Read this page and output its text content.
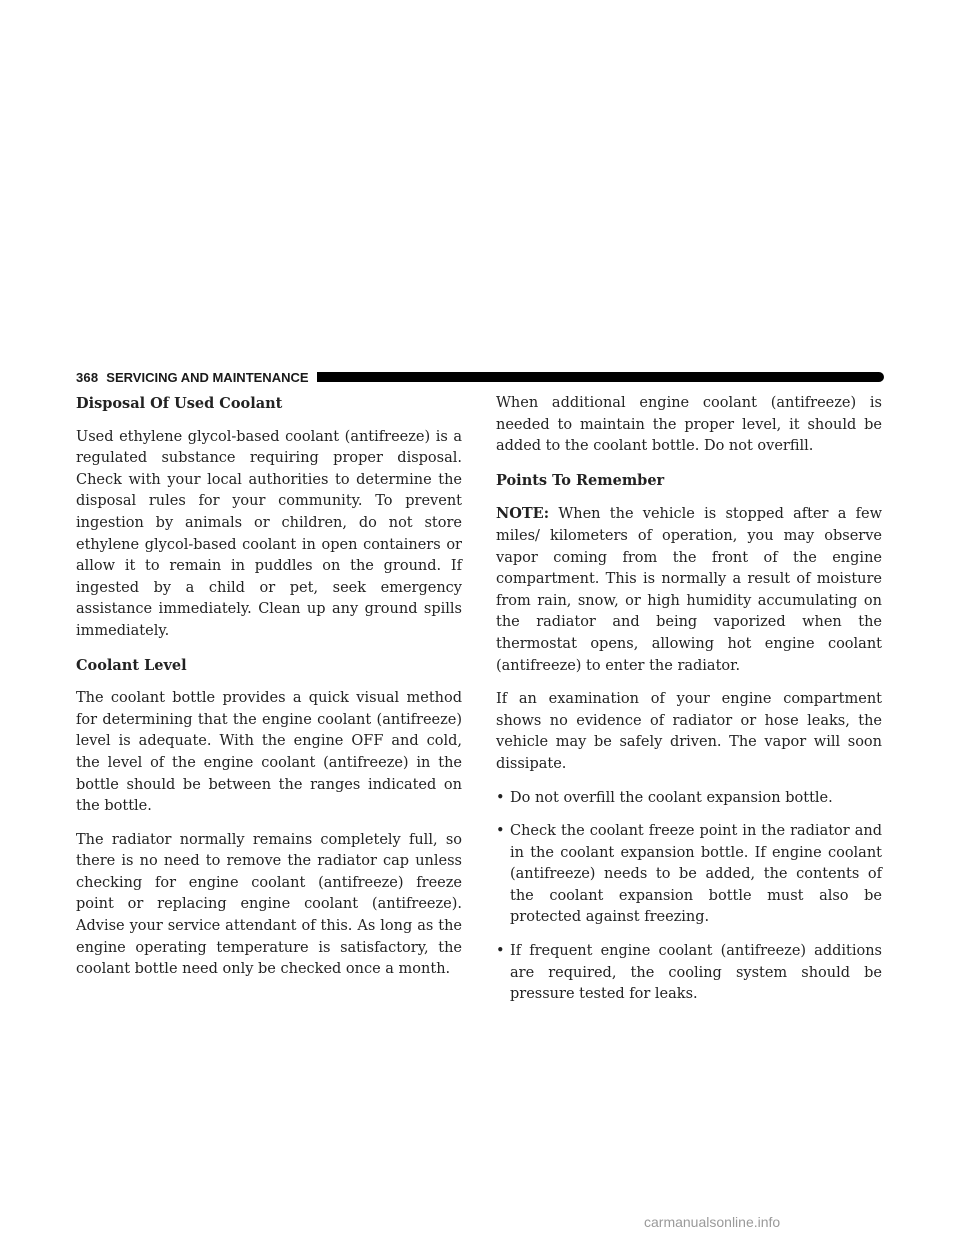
368 SERVICING AND MAINTENANCE
Disposal Of Used Coolant

Used ethylene glycol-based coolant (antifreeze) is a regulated substance requiring proper disposal. Check with your local authorities to determine the disposal rules for your community. To prevent ingestion by animals or children, do not store ethylene glycol-based coolant in open containers or allow it to remain in puddles on the ground. If ingested by a child or pet, seek emergency assistance immediately. Clean up any ground spills immediately.

Coolant Level

The coolant bottle provides a quick visual method for determining that the engine coolant (antifreeze) level is adequate. With the engine OFF and cold, the level of the engine coolant (antifreeze) in the bottle should be between the ranges indicated on the bottle.

The radiator normally remains completely full, so there is no need to remove the radiator cap unless checking for engine coolant (antifreeze) freeze point or replacing engine coolant (antifreeze). Advise your service attendant of this. As long as the engine operating temperature is satisfactory, the coolant bottle need only be checked once a month.

When additional engine coolant (antifreeze) is needed to maintain the proper level, it should be added to the coolant bottle. Do not overfill.

Points To Remember

NOTE: When the vehicle is stopped after a few miles/ kilometers of operation, you may observe vapor coming from the front of the engine compartment. This is normally a result of moisture from rain, snow, or high humidity accumulating on the radiator and being vaporized when the thermostat opens, allowing hot engine coolant (antifreeze) to enter the radiator.

If an examination of your engine compartment shows no evidence of radiator or hose leaks, the vehicle may be safely driven. The vapor will soon dissipate.

• Do not overfill the coolant expansion bottle.
• Check the coolant freeze point in the radiator and in the coolant expansion bottle. If engine coolant (antifreeze) needs to be added, the contents of the coolant expansion bottle must also be protected against freezing.
• If frequent engine coolant (antifreeze) additions are required, the cooling system should be pressure tested for leaks.
carmanualsonline.info
